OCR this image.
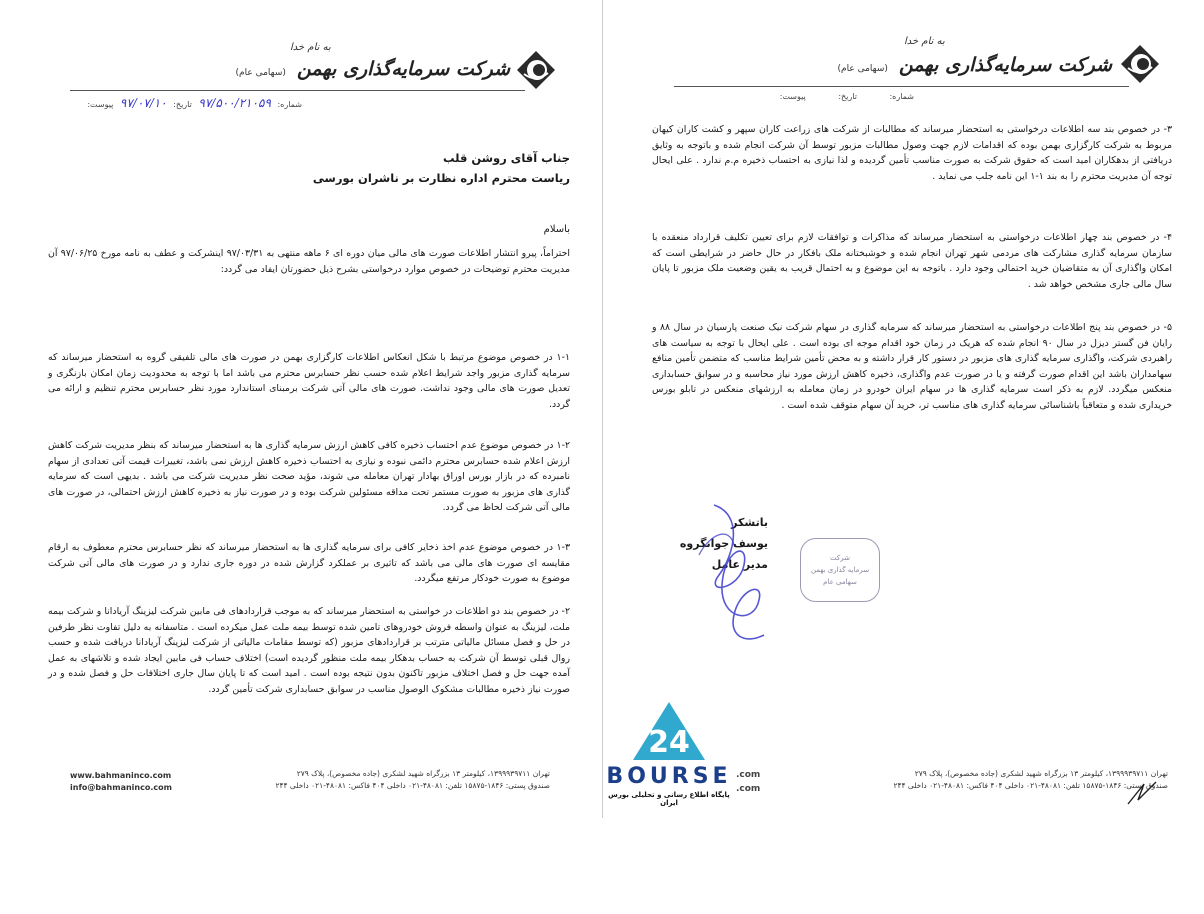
به نام خدا
شرکت سرمایه‌گذاری بهمن (سهامی عام)
شماره: ۹۷/۵۰۰/۲۱۰۵۹ تاریخ: ۹۷/۰۷/۱۰ پیوست:
جناب آقای روشن قلب
ریاست محترم اداره نظارت بر ناشران بورسی
باسلام

احتراماً، پیرو انتشار اطلاعات صورت های مالی میان دوره ای ۶ ماهه منتهی به ۹۷/۰۳/۳۱ اینشرکت و عطف به نامه مورخ ۹۷/۰۶/۲۵ آن مدیریت محترم توضیحات در خصوص موارد درخواستی بشرح ذیل حضورتان ایفاد می گردد:

۱-۱ در خصوص موضوع مرتبط با شکل انعکاس اطلاعات کارگزاری بهمن در صورت های مالی تلفیقی گروه به استحضار میرساند که سرمایه گذاری مزبور واجد شرایط اعلام شده حسب نظر حسابرس محترم می باشد اما با توجه به محدودیت زمان امکان بازنگری و تعدیل صورت های مالی وجود نداشت. صورت های مالی آتی شرکت برمبنای استاندارد مورد نظر حسابرس محترم تنظیم و ارائه می گردد.

۱-۲ در خصوص موضوع عدم احتساب ذخیره کافی کاهش ارزش سرمایه گذاری ها به استحضار میرساند که بنظر مدیریت شرکت کاهش ارزش اعلام شده حسابرس محترم دائمی نبوده و نیازی به احتساب ذخیره کاهش ارزش نمی باشد، تغییرات قیمت آتی تعدادی از سهام نامبرده که در بازار بورس اوراق بهادار تهران معامله می شوند، مؤید صحت نظر مدیریت شرکت می باشد . بدیهی است که سرمایه گذاری های مزبور به صورت مستمر تحت مداقه مسئولین شرکت بوده و در صورت نیاز به ذخیره کاهش ارزش احتمالی، در صورت های مالی آتی شرکت لحاظ می گردد.

۱-۳ در خصوص موضوع عدم اخذ ذخایر کافی برای سرمایه گذاری ها به استحضار میرساند که نظر حسابرس محترم معطوف به ارقام مقایسه ای صورت های مالی می باشد که تاثیری بر عملکرد گزارش شده در دوره جاری ندارد و در صورت های مالی آتی شرکت موضوع به صورت خودکار مرتفع میگردد.

۲- در خصوص بند دو اطلاعات در خواستی به استحضار میرساند که به موجب قراردادهای فی مابین شرکت لیزینگ آریادانا و شرکت بیمه ملت، لیزینگ به عنوان واسطه فروش خودروهای تامین شده توسط بیمه ملت عمل میکرده است . متاسفانه به دلیل تفاوت نظر طرفین در حل و فصل مسائل مالیاتی مترتب بر قراردادهای مزبور (که توسط مقامات مالیاتی از شرکت لیزینگ آریادانا دریافت شده و حسب روال قبلی توسط آن شرکت به حساب بدهکار بیمه ملت منظور گردیده است) اختلاف حساب فی مابین ایجاد شده و تلاشهای به عمل آمده جهت حل و فصل اختلاف مزبور تاکنون بدون نتیجه بوده است . امید است که تا پایان سال جاری اختلافات حل و فصل شده و در صورت نیاز ذخیره مطالبات مشکوک الوصول مناسب در سوابق حسابداری شرکت تأمین گردد.

تهران ۱۳۹۹۹۳۹۷۱۱، کیلومتر ۱۳ بزرگراه شهید لشکری (جاده مخصوص)، پلاک ۲۷۹
صندوق پستی: ۱۸۴۶-۱۵۸۷۵ تلفن: ۴۸۰۸۱-۰۲۱ داخلی ۴۰۴ فاکس: ۴۸۰۸۱-۰۲۱ داخلی ۲۴۴
www.bahmaninco.com
info@bahmaninco.com
به نام خدا
شرکت سرمایه‌گذاری بهمن (سهامی عام)
شماره: تاریخ: پیوست:

۳- در خصوص بند سه اطلاعات درخواستی به استحضار میرساند که مطالبات از شرکت های زراعت کاران سپهر و کشت کاران کیهان مربوط به شرکت کارگزاری بهمن بوده که اقدامات لازم جهت وصول مطالبات مزبور توسط آن شرکت انجام شده و باتوجه به وثایق دریافتی از بدهکاران امید است که حقوق شرکت به صورت مناسب تأمین گردیده و لذا نیازی به احتساب ذخیره م.م ندارد . علی ایحال توجه آن مدیریت محترم را به بند ۱-۱ این نامه جلب می نماید .

۴- در خصوص بند چهار اطلاعات درخواستی به استحضار میرساند که مذاکرات و توافقات لازم برای تعیین تکلیف قرارداد منعقده با سازمان سرمایه گذاری مشارکت های مردمی شهر تهران انجام شده و خوشبختانه ملک بافکار در حال حاضر در شرایطی است که امکان واگذاری آن به متقاضیان خرید احتمالی وجود دارد . باتوجه به این موضوع و به احتمال قریب به یقین وضعیت ملک مزبور تا پایان سال مالی جاری مشخص خواهد شد .

۵- در خصوص بند پنج اطلاعات درخواستی به استحضار میرساند که سرمایه گذاری در سهام شرکت نیک صنعت پارسیان در سال ۸۸ و رایان فن گستر دیزل در سال ۹۰ انجام شده که هریک در زمان خود اقدام موجه ای بوده است . علی ایحال با توجه به سیاست های راهبردی شرکت، واگذاری سرمایه گذاری های مزبور در دستور کار قرار داشته و به محض تأمین شرایط مناسب که متضمن تأمین منافع سهامداران باشد این اقدام صورت گرفته و یا در صورت عدم واگذاری، ذخیره کاهش ارزش مورد نیاز محاسبه و در سوابق حسابداری منعکس میگردد. لازم به ذکر است سرمایه گذاری ها در سهام ایران خودرو در زمان معامله به ارزشهای منعکس در تابلو بورس خریداری شده و متعاقباً باشناسائی سرمایه گذاری های مناسب تر، خرید آن سهام متوقف شده است .

باتشکر
یوسف جوانگروه
مدیر عامل	شرکت
سرمایه گذاری بهمن
سهامی عام
تهران ۱۳۹۹۹۳۹۷۱۱، کیلومتر ۱۳ بزرگراه شهید لشکری (جاده مخصوص)، پلاک ۲۷۹
صندوق پستی: ۱۸۴۶-۱۵۸۷۵ تلفن: ۴۸۰۸۱-۰۲۱ داخلی ۴۰۴ فاکس: ۴۸۰۸۱-۰۲۱ داخلی ۲۴۴
24
BOURSE
پایگاه اطلاع رسانی و تحلیلی بورس ایران
.com
.com
